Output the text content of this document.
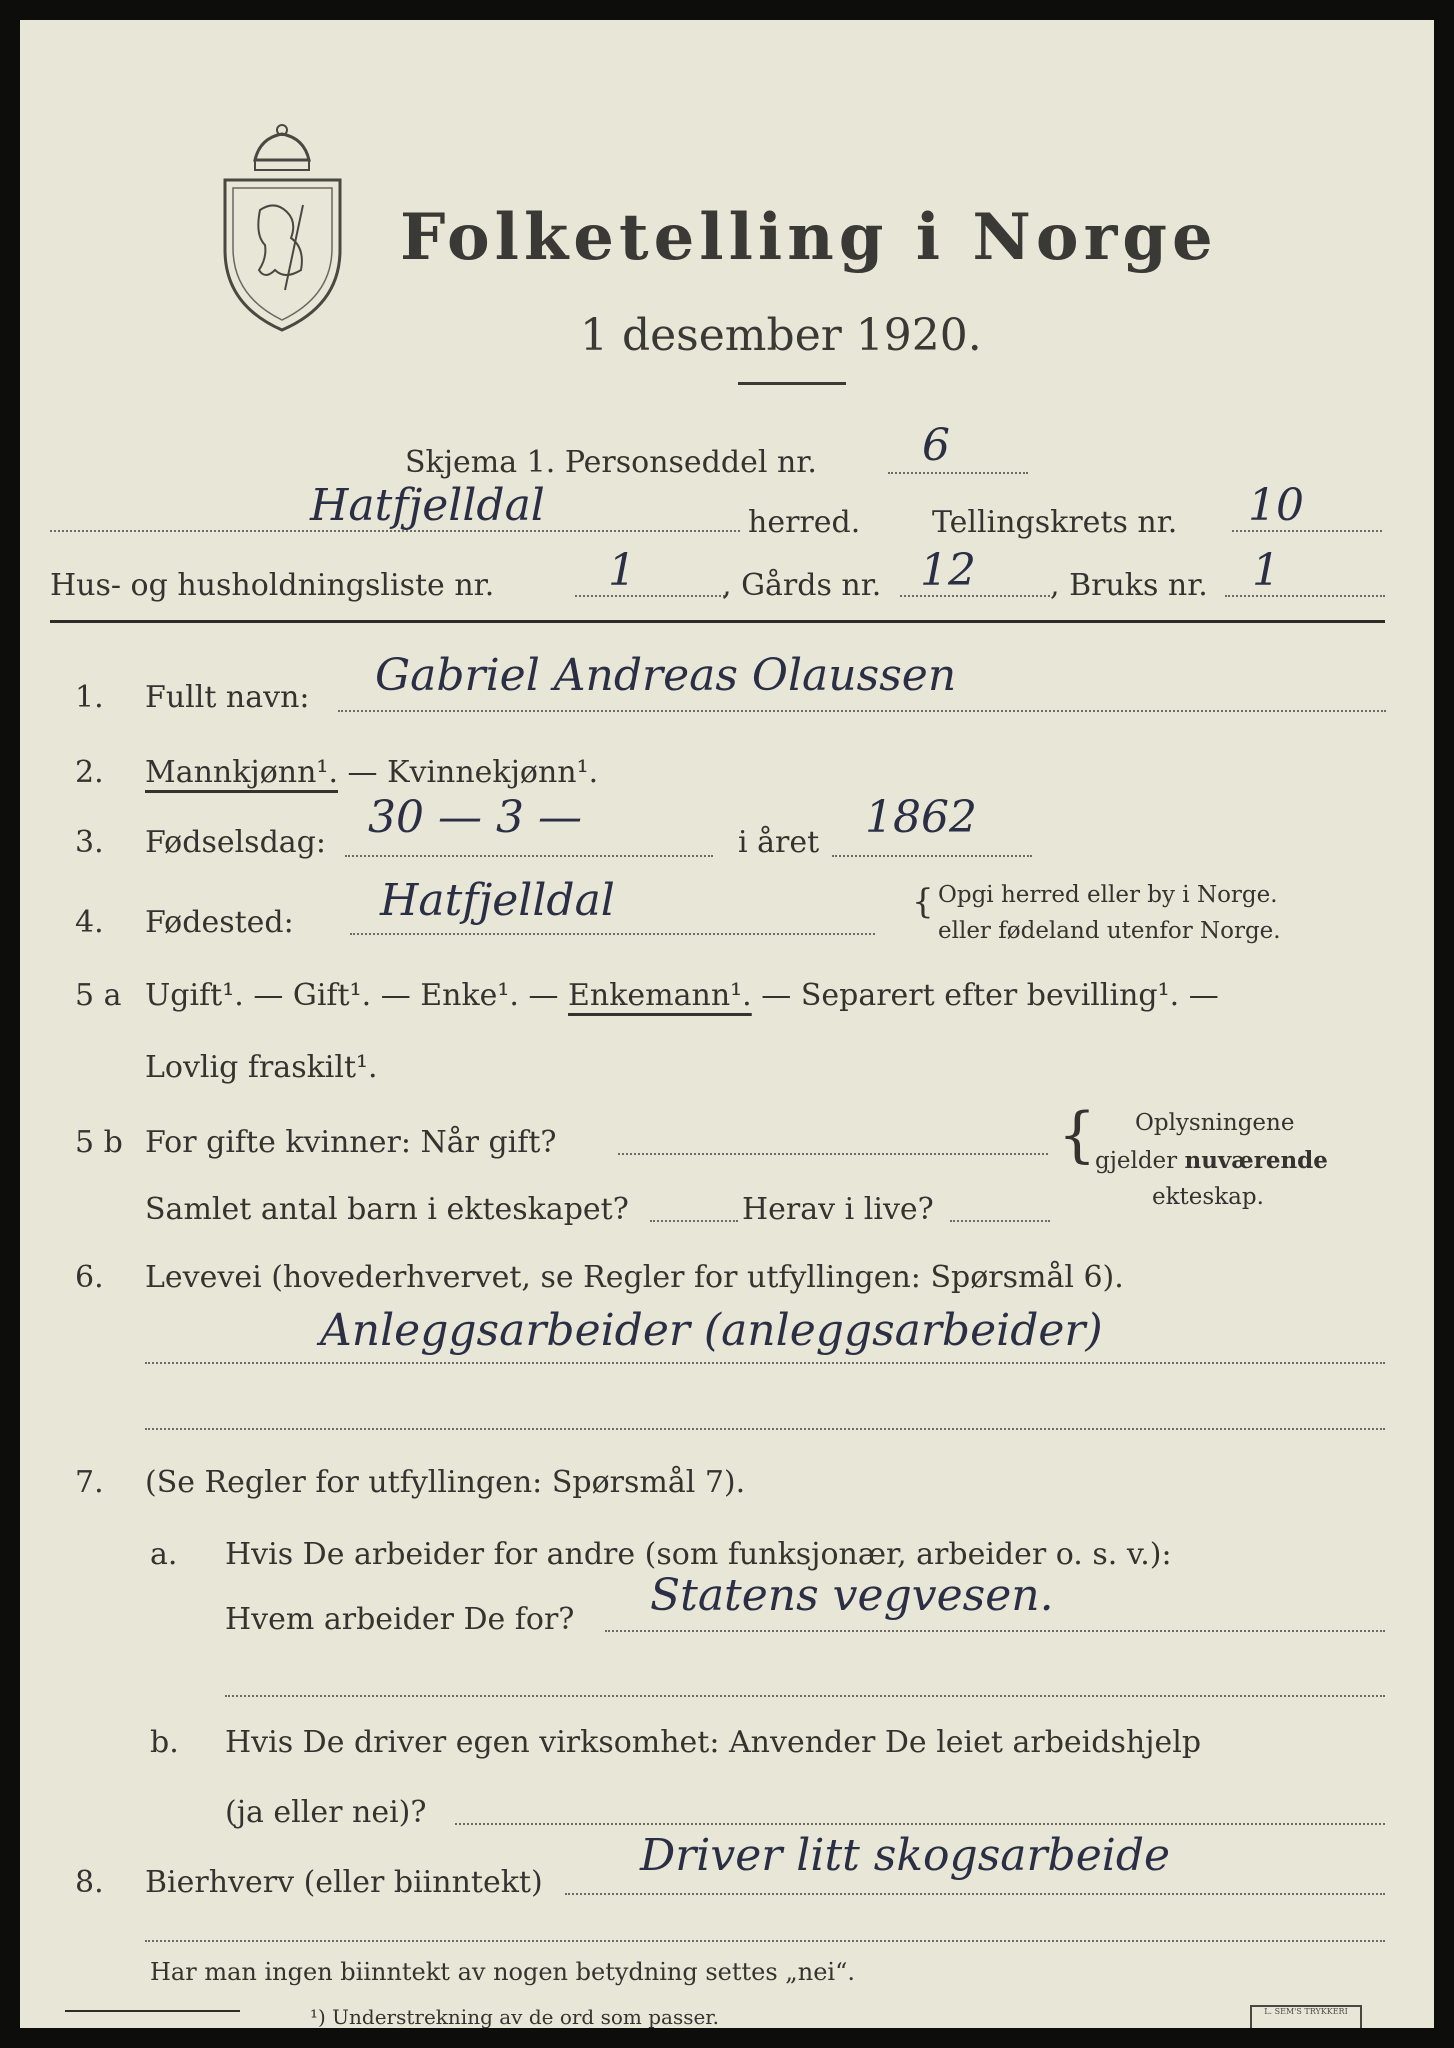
Folketelling i Norge
1 desember 1920.
Skjema 1. Personseddel nr. 6
Hatfjelldal	herred. Tellingskrets nr. 10
Hus- og husholdningsliste nr.	1	, Gårds nr. 12 , Bruks nr. 1
1. Fullt navn: Gabriel Andreas Olaussen
2. Mannkjønn¹. — Kvinnekjønn¹.
3. Fødselsdag: 30 — 3 —	i året 1862
4. Fødested: Hatfjelldal	{ Opgi herred eller by i Norge.
eller fødeland utenfor Norge.
5 a Ugift¹. — Gift¹. — Enke¹. — Enkemann¹. — Separert efter bevilling¹. —
Lovlig fraskilt¹.
5 b For gifte kvinner: Når gift?
Samlet antal barn i ekteskapet?	Herav i live?
{ Oplysningene
gjelder nuværende
ekteskap.
6. Levevei (hovederhvervet, se Regler for utfyllingen: Spørsmål 6).
Anleggsarbeider (anleggsarbeider)
7. (Se Regler for utfyllingen: Spørsmål 7).
a. Hvis De arbeider for andre (som funksjonær, arbeider o. s. v.):
Hvem arbeider De for? Statens vegvesen.
b. Hvis De driver egen virksomhet: Anvender De leiet arbeidshjelp
(ja eller nei)?
8. Bierhverv (eller biinntekt)
Driver litt skogsarbeide
Har man ingen biinntekt av nogen betydning settes „nei“.
¹) Understrekning av de ord som passer.	L. SEM'S TRYKKERI
